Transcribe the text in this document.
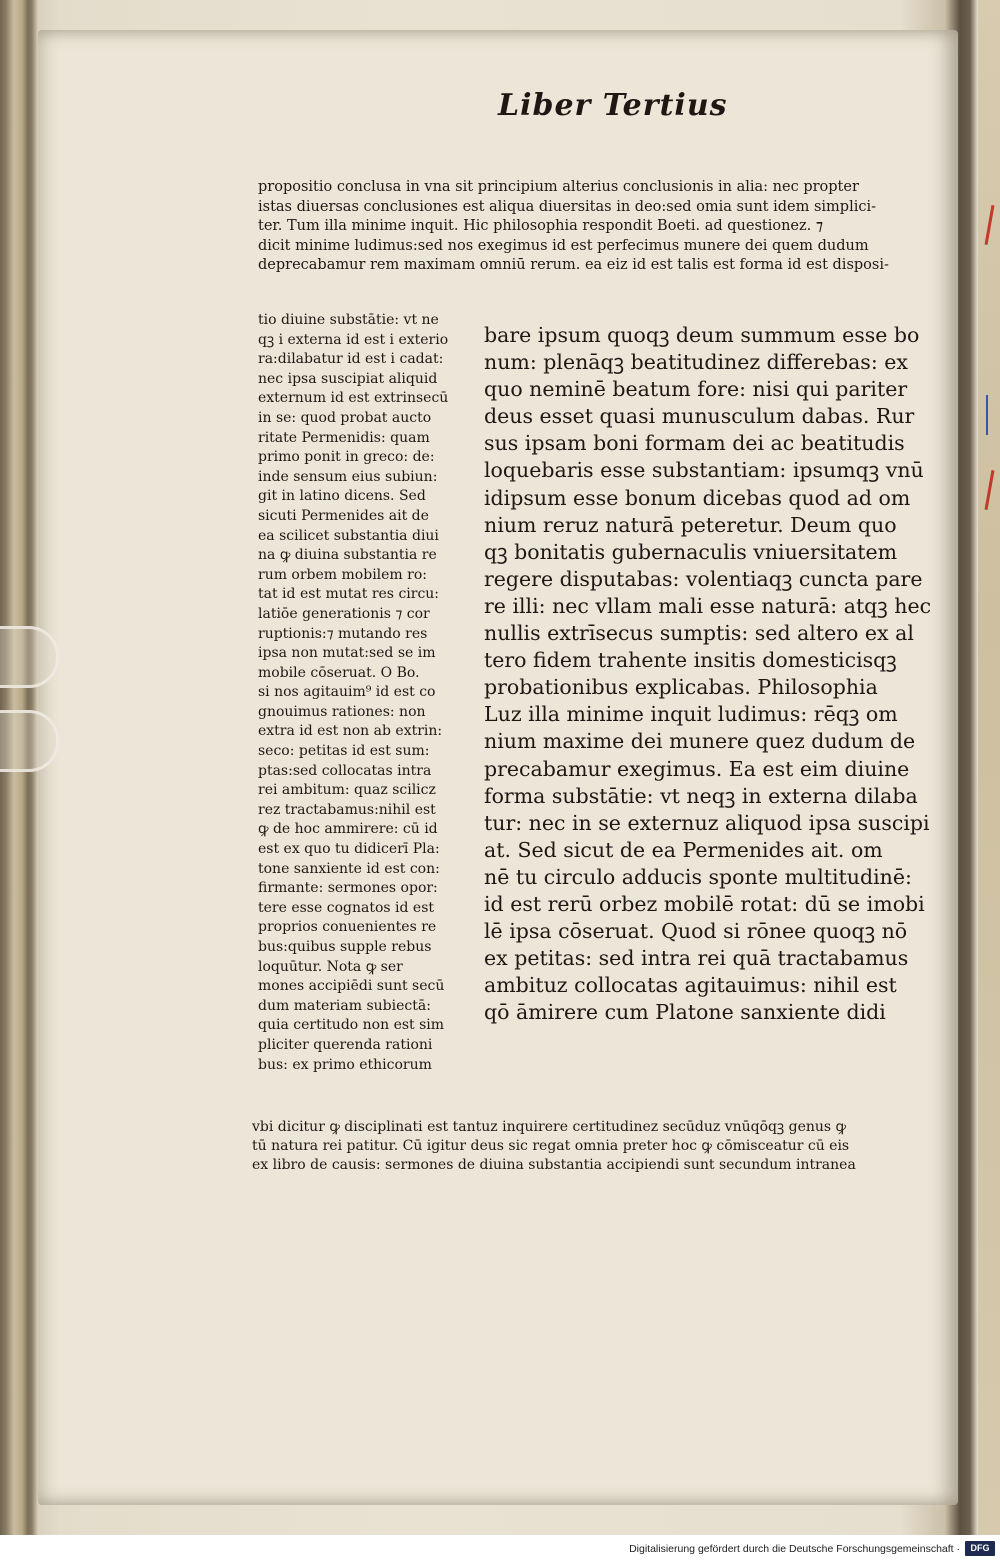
Liber Tertius
propositio conclusa in vna sit principium alterius conclusionis in alia: nec propter
istas diuersas conclusiones est aliqua diuersitas in deo:sed omia sunt idem simplici-
ter. Tum illa minime inquit. Hic philosophia respondit Boeti. ad questionez. ⁊
dicit minime ludimus:sed nos exegimus id est perfecimus munere dei quem dudum
deprecabamur rem maximam omniū rerum. ea eiz id est talis est forma id est disposi-
tio diuine substātie: vt ne
qꝫ i externa id est i exterio
ra:dilabatur id est i cadat:
nec ipsa suscipiat aliquid
externum id est extrinsecū
in se: quod probat aucto
ritate Permenidis: quam
primo ponit in greco: de:
inde sensum eius subiun:
git in latino dicens. Sed
sicuti Permenides ait de
ea scilicet substantia diui
na ꝙ diuina substantia re
rum orbem mobilem ro:
tat id est mutat res circu:
latiōe generationis ⁊ cor
ruptionis:⁊ mutando res
ipsa non mutat:sed se im
mobile cōseruat. O Bo.
si nos agitauim⁹ id est co
gnouimus rationes: non
extra id est non ab extrin:
seco: petitas id est sum:
ptas:sed collocatas intra
rei ambitum: quaz scilicz
rez tractabamus:nihil est
ꝙ de hoc ammirere: cū id
est ex quo tu didicerī Pla:
tone sanxiente id est con:
firmante: sermones opor:
tere esse cognatos id est
proprios conuenientes re
bus:quibus supple rebus
loquūtur. Nota ꝙ ser
mones accipiēdi sunt secū
dum materiam subiectā:
quia certitudo non est sim
pliciter querenda rationi
bus: ex primo ethicorum
bare ipsum quoqꝫ deum summum esse bo
num: plenāqꝫ beatitudinez differebas: ex
quo neminē beatum fore: nisi qui pariter
deus esset quasi munusculum dabas. Rur
sus ipsam boni formam dei ac beatitudis
loquebaris esse substantiam: ipsumqꝫ vnū
idipsum esse bonum dicebas quod ad om
nium reruz naturā peteretur. Deum quo
qꝫ bonitatis gubernaculis vniuersitatem
regere disputabas: volentiaqꝫ cuncta pare
re illi: nec vllam mali esse naturā: atqꝫ hec
nullis extrīsecus sumptis: sed altero ex al
tero fidem trahente insitis domesticisqꝫ
probationibus explicabas. Philosophia
Luz illa minime inquit ludimus: rēqꝫ om
nium maxime dei munere quez dudum de
precabamur exegimus. Ea est eim diuine
forma substātie: vt neqꝫ in externa dilaba
tur: nec in se externuz aliquod ipsa suscipi
at. Sed sicut de ea Permenides ait. om
nē tu circulo adducis sponte multitudinē:
id est rerū orbez mobilē rotat: dū se imobi
lē ipsa cōseruat. Quod si rōnee quoqꝫ nō
ex petitas: sed intra rei quā tractabamus
ambituz collocatas agitauimus: nihil est
qō āmirere cum Platone sanxiente didi
vbi dicitur ꝙ disciplinati est tantuz inquirere certitudinez secūduz vnūqōqꝫ genus ꝙ
tū natura rei patitur. Cū igitur deus sic regat omnia preter hoc ꝙ cōmisceatur cū eis
ex libro de causis: sermones de diuina substantia accipiendi sunt secundum intranea
Digitalisierung gefördert durch die Deutsche Forschungsgemeinschaft ·	DFG
